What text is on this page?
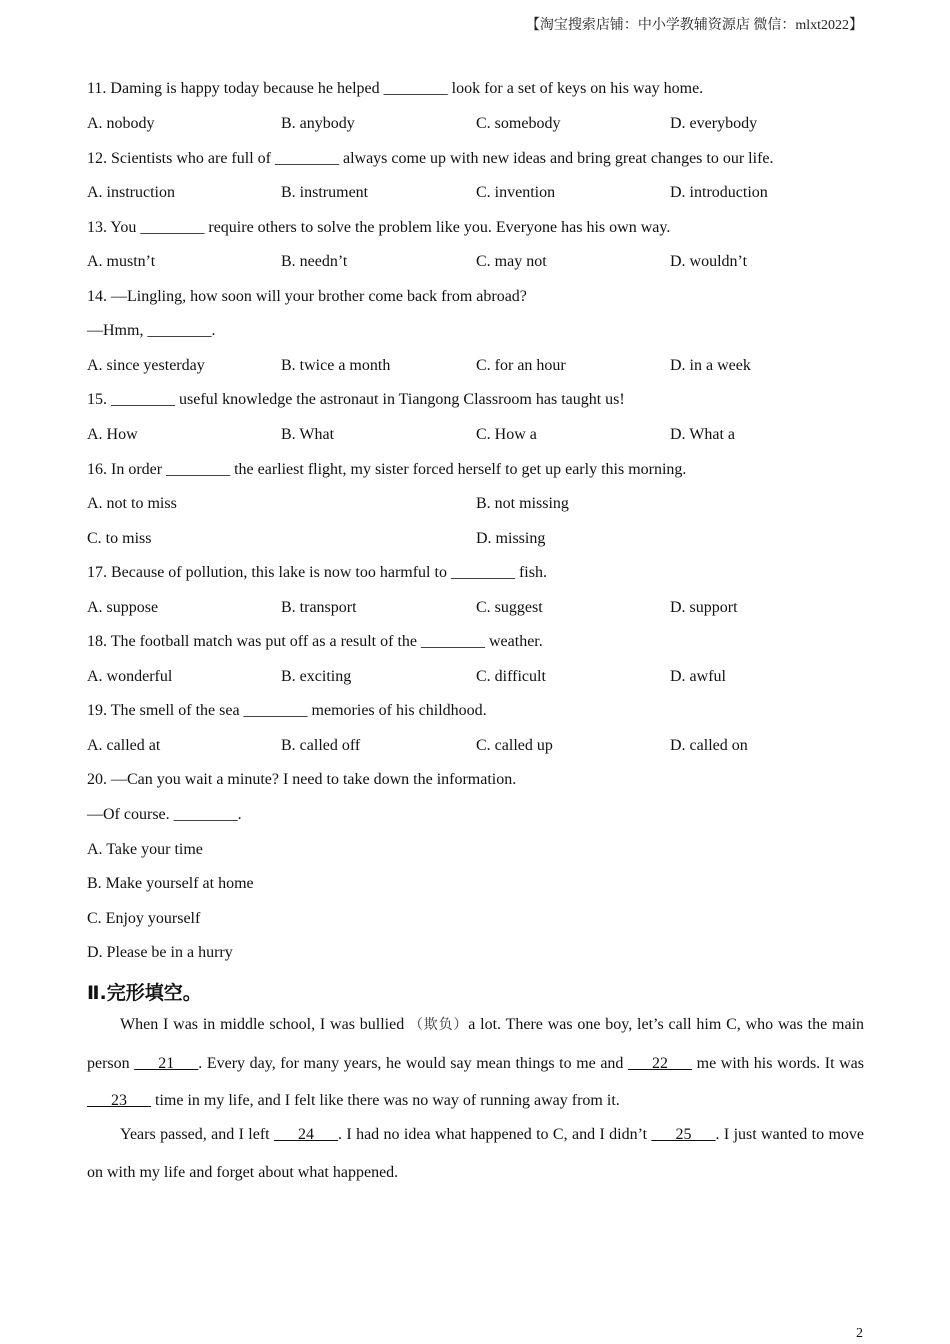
【淘宝搜索店铺：中小学教辅资源店 微信：mlxt2022】
11. Daming is happy today because he helped ________ look for a set of keys on his way home.
A. nobody	B. anybody	C. somebody	D. everybody
12. Scientists who are full of ________ always come up with new ideas and bring great changes to our life.
A. instruction	B. instrument	C. invention	D. introduction
13. You ________ require others to solve the problem like you. Everyone has his own way.
A. mustn’t	B. needn’t	C. may not	D. wouldn’t
14. —Lingling, how soon will your brother come back from abroad?
—Hmm, ________.
A. since yesterday	B. twice a month	C. for an hour	D. in a week
15. ________ useful knowledge the astronaut in Tiangong Classroom has taught us!
A. How	B. What	C. How a	D. What a
16. In order ________ the earliest flight, my sister forced herself to get up early this morning.
A. not to miss	B. not missing
C. to miss	D. missing
17. Because of pollution, this lake is now too harmful to ________ fish.
A. suppose	B. transport	C. suggest	D. support
18. The football match was put off as a result of the ________ weather.
A. wonderful	B. exciting	C. difficult	D. awful
19. The smell of the sea ________ memories of his childhood.
A. called at	B. called off	C. called up	D. called on
20. —Can you wait a minute? I need to take down the information.
—Of course. ________.
A. Take your time
B. Make yourself at home
C. Enjoy yourself
D. Please be in a hurry
Ⅱ.完形填空。
When I was in middle school, I was bullied （欺负）a lot. There was one boy, let’s call him C, who was the main person ___21___. Every day, for many years, he would say mean things to me and ___22___ me with his words. It was ___23___ time in my life, and I felt like there was no way of running away from it.
Years passed, and I left ___24___. I had no idea what happened to C, and I didn’t ___25___. I just wanted to move on with my life and forget about what happened.
2
